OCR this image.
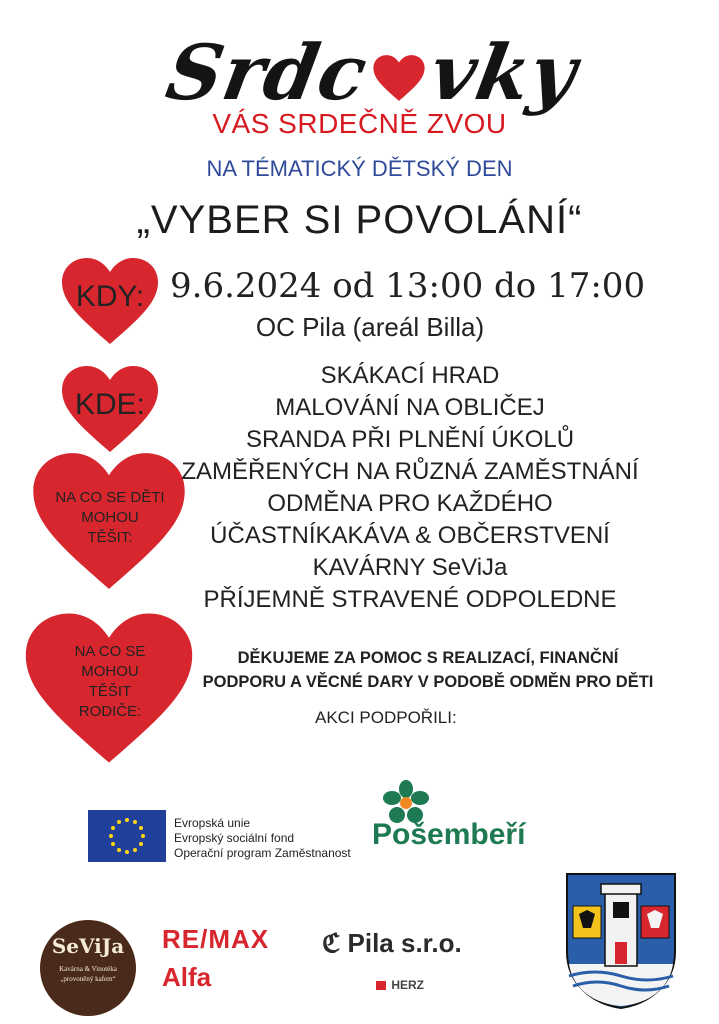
Srdc vky
VÁS SRDEČNĚ ZVOU
NA TÉMATICKÝ DĚTSKÝ DEN
„VYBER SI POVOLÁNÍ“
KDY: 9.6.2024 od 13:00 do 17:00
OC Pila (areál Billa)
KDE:
NA CO SE DĚTI
MOHOU
TĚŠIT:
SKÁKACÍ HRAD
MALOVÁNÍ NA OBLIČEJ
SRANDA PŘI PLNĚNÍ ÚKOLŮ
ZAMĚŘENÝCH NA RŮZNÁ ZAMĚSTNÁNÍ
ODMĚNA PRO KAŽDÉHO
ÚČASTNÍKAKÁVA & OBČERSTVENÍ
KAVÁRNY SeViJa
PŘÍJEMNĚ STRAVENÉ ODPOLEDNE
NA CO SE
MOHOU
TĚŠIT
RODIČE:
DĚKUJEME ZA POMOC S REALIZACÍ, FINANČNÍ
PODPORU A VĚCNÉ DARY V PODOBĚ ODMĚN PRO DĚTI
AKCI PODPOŘILI:
Evropská unie
Evropský sociální fond
Operační program Zaměstnanost
Pošembeří
SeViJa
Kavárna & Vinotéka
„provoněný kafem“
RE/MAX
Alfa
ℭ Pila s.r.o.
HERZ
